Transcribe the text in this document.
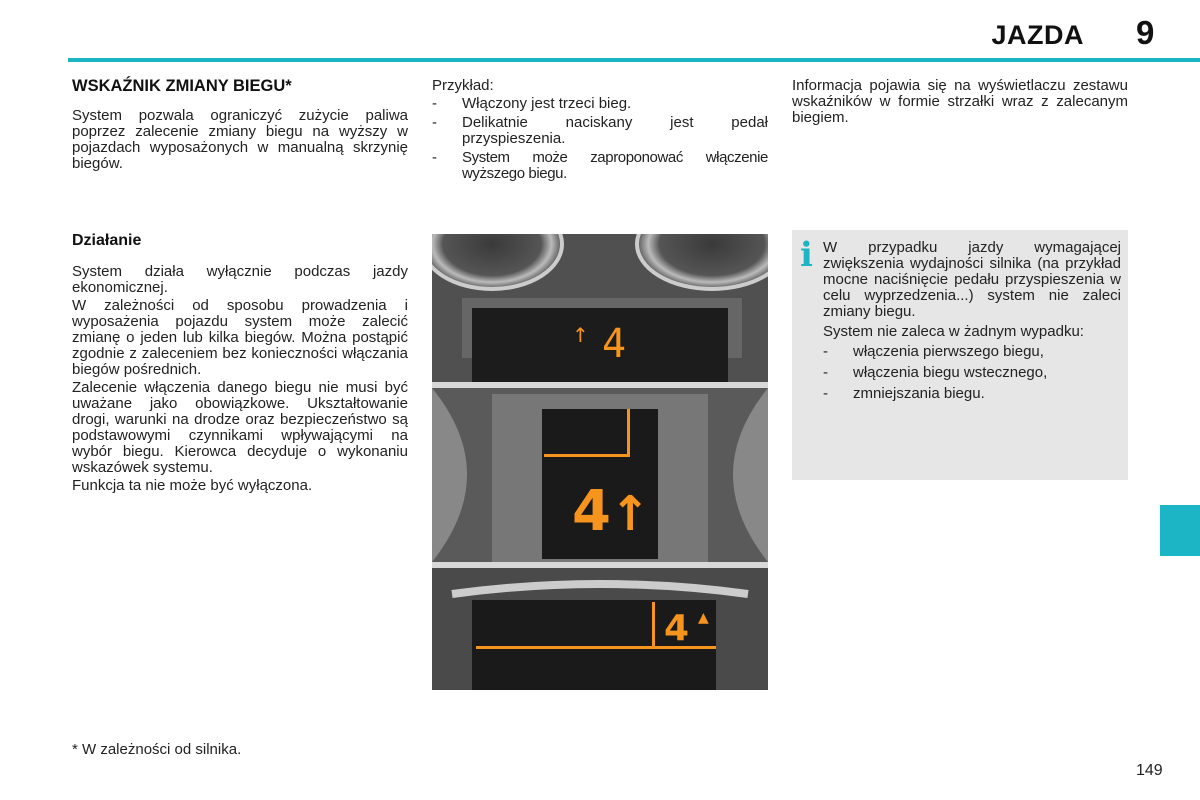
JAZDA 9
WSKAŹNIK ZMIANY BIEGU*

System pozwala ograniczyć zużycie paliwa poprzez zalecenie zmiany biegu na wyższy w pojazdach wyposażonych w manualną skrzynię biegów.

Działanie

System działa wyłącznie podczas jazdy ekonomicznej.

W zależności od sposobu prowadzenia i wyposażenia pojazdu system może zalecić zmianę o jeden lub kilka biegów. Można postąpić zgodnie z zaleceniem bez konieczności włączania biegów pośrednich.

Zalecenie włączenia danego biegu nie musi być uważane jako obowiązkowe. Ukształtowanie drogi, warunki na drodze oraz bezpieczeństwo są podstawowymi czynnikami wpływającymi na wybór biegu. Kierowca decyduje o wykonaniu wskazówek systemu.

Funkcja ta nie może być wyłączona.

Przykład:

- Włączony jest trzeci bieg.
- Delikatnie naciskany jest pedał przyspieszenia.
- System może zaproponować włączenie wyższego biegu.

Informacja pojawia się na wyświetlaczu zestawu wskaźników w formie strzałki wraz z zalecanym biegiem.

i W przypadku jazdy wymagającej zwiększenia wydajności silnika (na przykład mocne naciśnięcie pedału przyspieszenia w celu wyprzedzenia...) system nie zaleci zmiany biegu.

System nie zaleca w żadnym wypadku:

- włączenia pierwszego biegu,
- włączenia biegu wstecznego,
- zmniejszania biegu.
4
↑
4 ↑
4 ▲
* W zależności od silnika.
149
